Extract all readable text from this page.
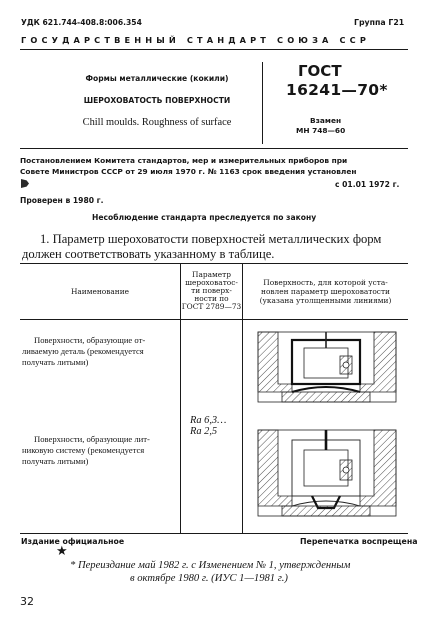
УДК 621.744-408.8:006.354	Группа Г21
ГОСУДАРСТВЕННЫЙ СТАНДАРТ СОЮЗА ССР
Формы металлические (кокили)
ШЕРОХОВАТОСТЬ ПОВЕРХНОСТИ
Chill moulds. Roughness of surface
ГОСТ
16241—70*
Взамен
МН 748—60
Постановлением Комитета стандартов, мер и измерительных приборов при
Совете Министров СССР от 29 июля 1970 г. № 1163 срок введения установлен
с 01.01 1972 г.
Проверен в 1980 г.
Несоблюдение стандарта преследуется по закону
1. Параметр шероховатости поверхностей металлических форм
должен соответствовать указанному в таблице.
Наименование
Параметр
шероховатос-
ти поверх-
ности по
ГОСТ 2789—73
Поверхность, для которой уста-
новлен параметр шероховатости
(указана утолщенными линиями)
Поверхности, образующие от-
ливаемую деталь (рекомендуется
получать литыми)
Поверхности, образующие лит-
никовую систему (рекомендуется
получать литыми)
Ra 6,3…
Ra 2,5
Издание официальное	Перепечатка воспрещена
★
* Переиздание май 1982 г. с Изменением № 1, утвержденным
в октябре 1980 г. (ИУС 1—1981 г.)
32
